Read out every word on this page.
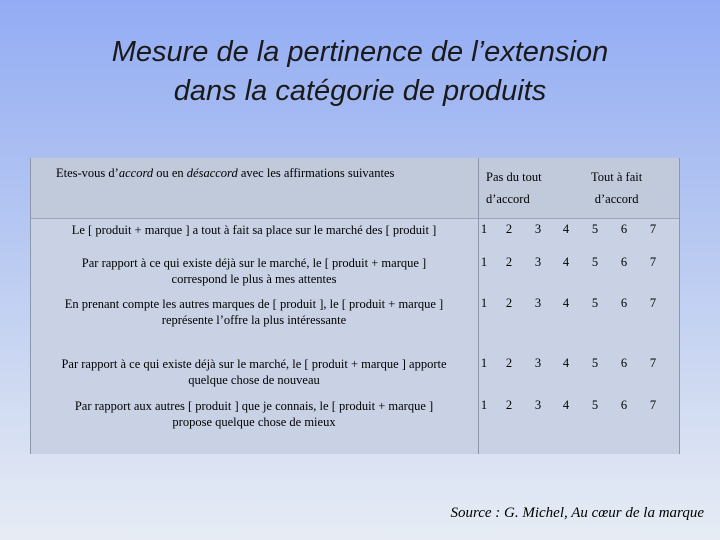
Mesure de la pertinence de l’extension
dans la catégorie de produits
Etes-vous d’accord ou en désaccord avec les affirmations suivantes	Pas du tout
d’accord
Tout à fait
d’accord
Le [ produit + marque ] a tout à fait sa place sur le marché des [ produit ]	1	2	3	4	5	6	7
Par rapport à ce qui existe déjà sur le marché, le [ produit + marque ]
correspond le plus à mes attentes
1	2	3	4	5	6	7
En prenant compte les autres marques de [ produit ], le [ produit + marque ]
représente l’offre la plus intéressante
1	2	3	4	5	6	7
Par rapport à ce qui existe déjà sur le marché, le [ produit + marque ] apporte
quelque chose de nouveau
1	2	3	4	5	6	7
Par rapport aux autres [ produit ] que je connais, le [ produit + marque ]
propose quelque chose de mieux
1	2	3	4	5	6	7
Source : G. Michel, Au cœur de la marque
